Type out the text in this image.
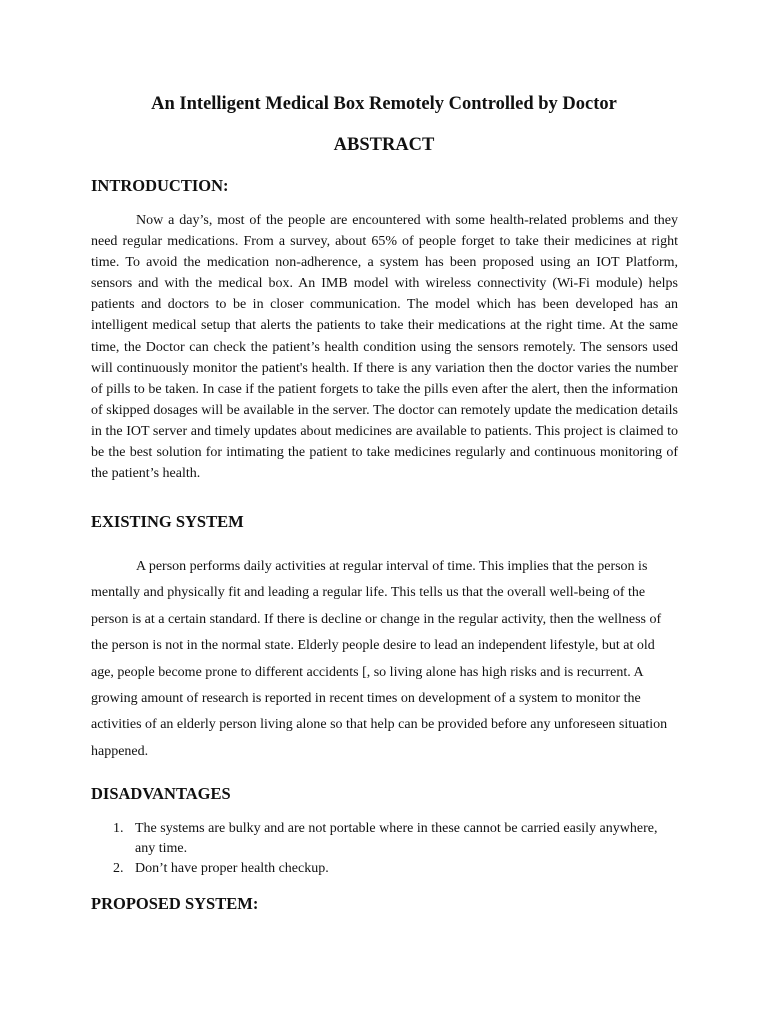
An Intelligent Medical Box Remotely Controlled by Doctor
ABSTRACT
INTRODUCTION:

Now a day’s, most of the people are encountered with some health-related problems and they need regular medications. From a survey, about 65% of people forget to take their medicines at right time. To avoid the medication non-adherence, a system has been proposed using an IOT Platform, sensors and with the medical box. An IMB model with wireless connectivity (Wi-Fi module) helps patients and doctors to be in closer communication. The model which has been developed has an intelligent medical setup that alerts the patients to take their medications at the right time. At the same time, the Doctor can check the patient’s health condition using the sensors remotely. The sensors used will continuously monitor the patient's health. If there is any variation then the doctor varies the number of pills to be taken. In case if the patient forgets to take the pills even after the alert, then the information of skipped dosages will be available in the server. The doctor can remotely update the medication details in the IOT server and timely updates about medicines are available to patients. This project is claimed to be the best solution for intimating the patient to take medicines regularly and continuous monitoring of the patient’s health.

EXISTING SYSTEM

A person performs daily activities at regular interval of time. This implies that the person is mentally and physically fit and leading a regular life. This tells us that the overall well-being of the person is at a certain standard. If there is decline or change in the regular activity, then the wellness of the person is not in the normal state. Elderly people desire to lead an independent lifestyle, but at old age, people become prone to different accidents [, so living alone has high risks and is recurrent. A growing amount of research is reported in recent times on development of a system to monitor the activities of an elderly person living alone so that help can be provided before any unforeseen situation happened.

DISADVANTAGES
1. The systems are bulky and are not portable where in these cannot be carried easily anywhere, any time.
2. Don’t have proper health checkup.
PROPOSED SYSTEM:
